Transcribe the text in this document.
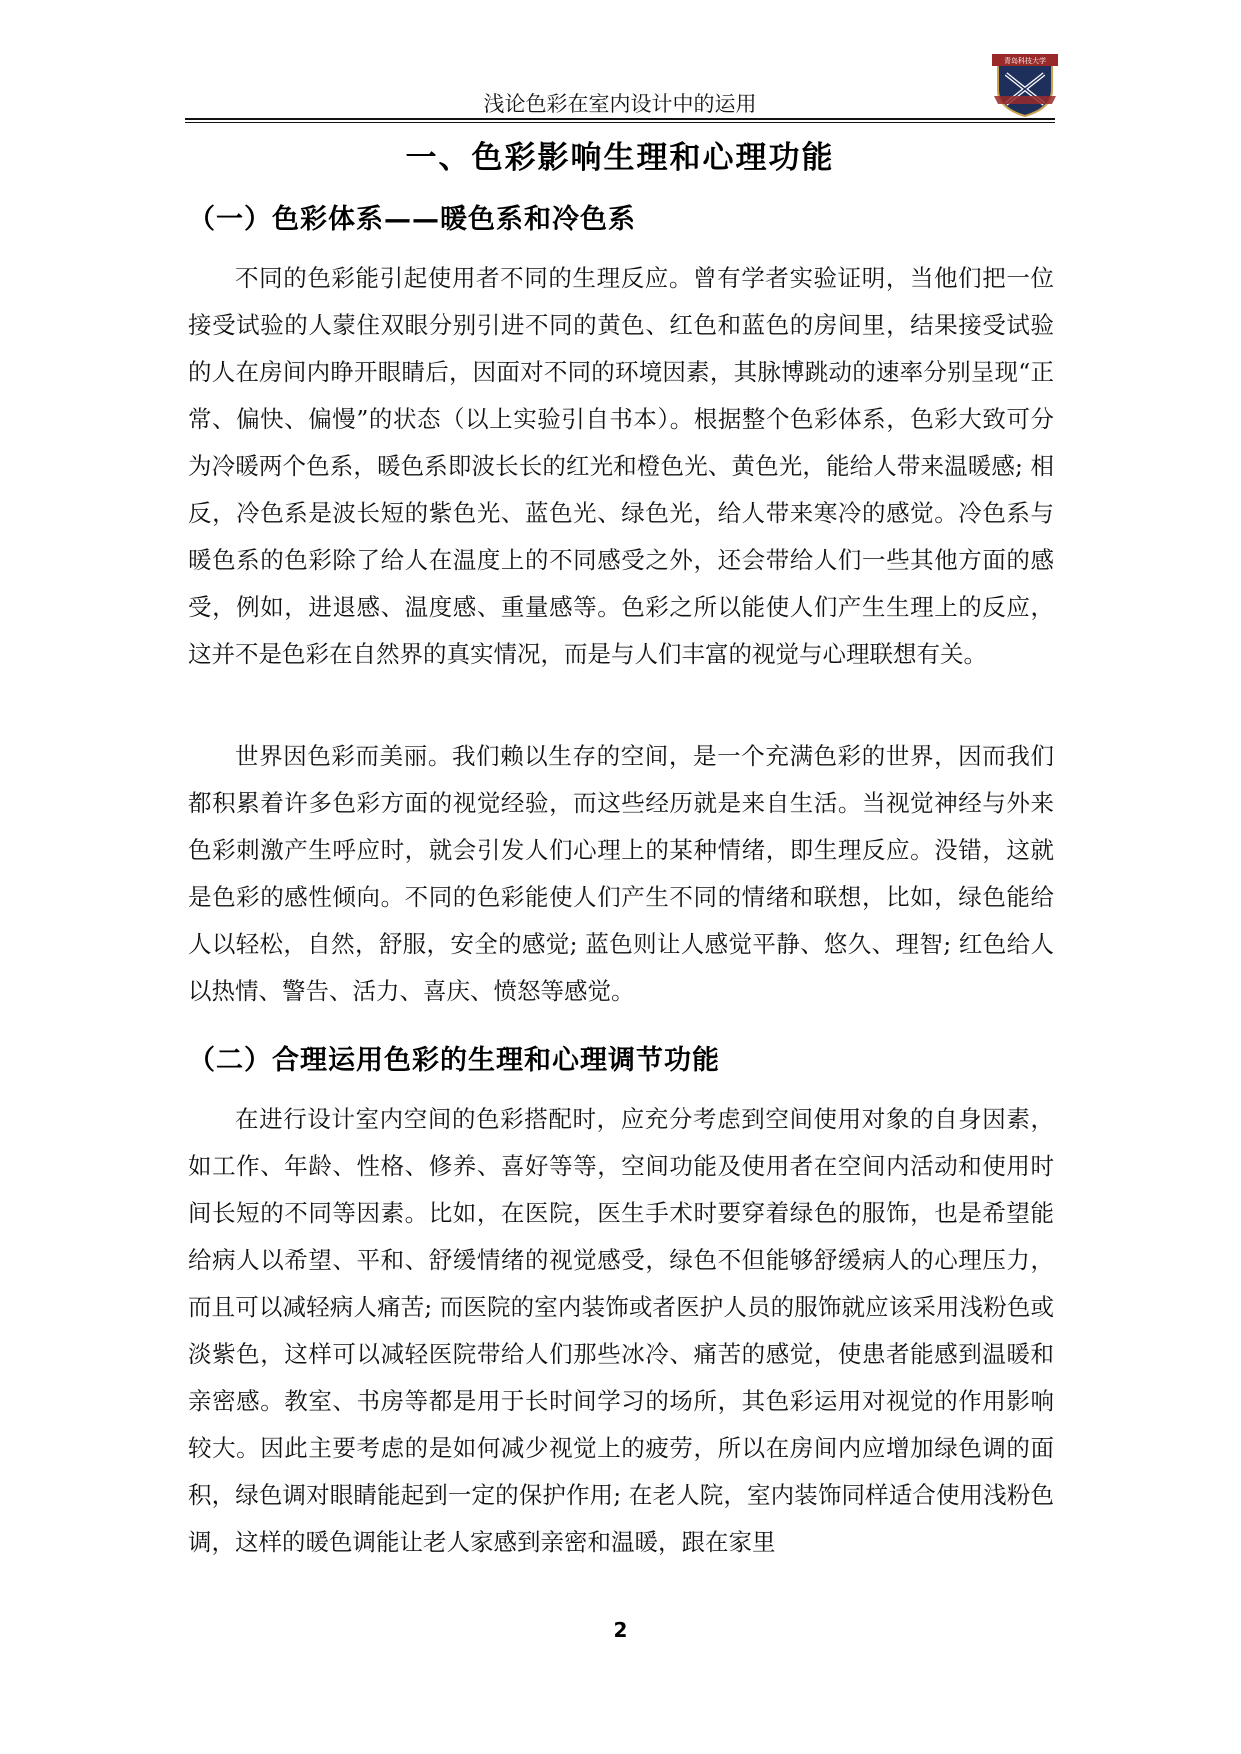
青岛科技大学
浅论色彩在室内设计中的运用
一、色彩影响生理和心理功能
（一）色彩体系——暖色系和冷色系

不同的色彩能引起使用者不同的生理反应。曾有学者实验证明，当他们把一位接受试验的人蒙住双眼分别引进不同的黄色、红色和蓝色的房间里，结果接受试验的人在房间内睁开眼睛后，因面对不同的环境因素，其脉博跳动的速率分别呈现“正常、偏快、偏慢”的状态（以上实验引自书本）。根据整个色彩体系，色彩大致可分为冷暖两个色系，暖色系即波长长的红光和橙色光、黄色光，能给人带来温暖感; 相反，冷色系是波长短的紫色光、蓝色光、绿色光，给人带来寒冷的感觉。冷色系与暖色系的色彩除了给人在温度上的不同感受之外，还会带给人们一些其他方面的感受，例如，进退感、温度感、重量感等。色彩之所以能使人们产生生理上的反应，这并不是色彩在自然界的真实情况，而是与人们丰富的视觉与心理联想有关。

世界因色彩而美丽。我们赖以生存的空间，是一个充满色彩的世界，因而我们都积累着许多色彩方面的视觉经验，而这些经历就是来自生活。当视觉神经与外来色彩刺激产生呼应时，就会引发人们心理上的某种情绪，即生理反应。没错，这就是色彩的感性倾向。不同的色彩能使人们产生不同的情绪和联想，比如，绿色能给人以轻松，自然，舒服，安全的感觉; 蓝色则让人感觉平静、悠久、理智; 红色给人以热情、警告、活力、喜庆、愤怒等感觉。

（二）合理运用色彩的生理和心理调节功能

在进行设计室内空间的色彩搭配时，应充分考虑到空间使用对象的自身因素，如工作、年龄、性格、修养、喜好等等，空间功能及使用者在空间内活动和使用时间长短的不同等因素。比如，在医院，医生手术时要穿着绿色的服饰，也是希望能给病人以希望、平和、舒缓情绪的视觉感受，绿色不但能够舒缓病人的心理压力，而且可以减轻病人痛苦; 而医院的室内装饰或者医护人员的服饰就应该采用浅粉色或淡紫色，这样可以减轻医院带给人们那些冰冷、痛苦的感觉，使患者能感到温暖和亲密感。教室、书房等都是用于长时间学习的场所，其色彩运用对视觉的作用影响较大。因此主要考虑的是如何减少视觉上的疲劳，所以在房间内应增加绿色调的面积，绿色调对眼睛能起到一定的保护作用; 在老人院，室内装饰同样适合使用浅粉色调，这样的暖色调能让老人家感到亲密和温暖，跟在家里

2
